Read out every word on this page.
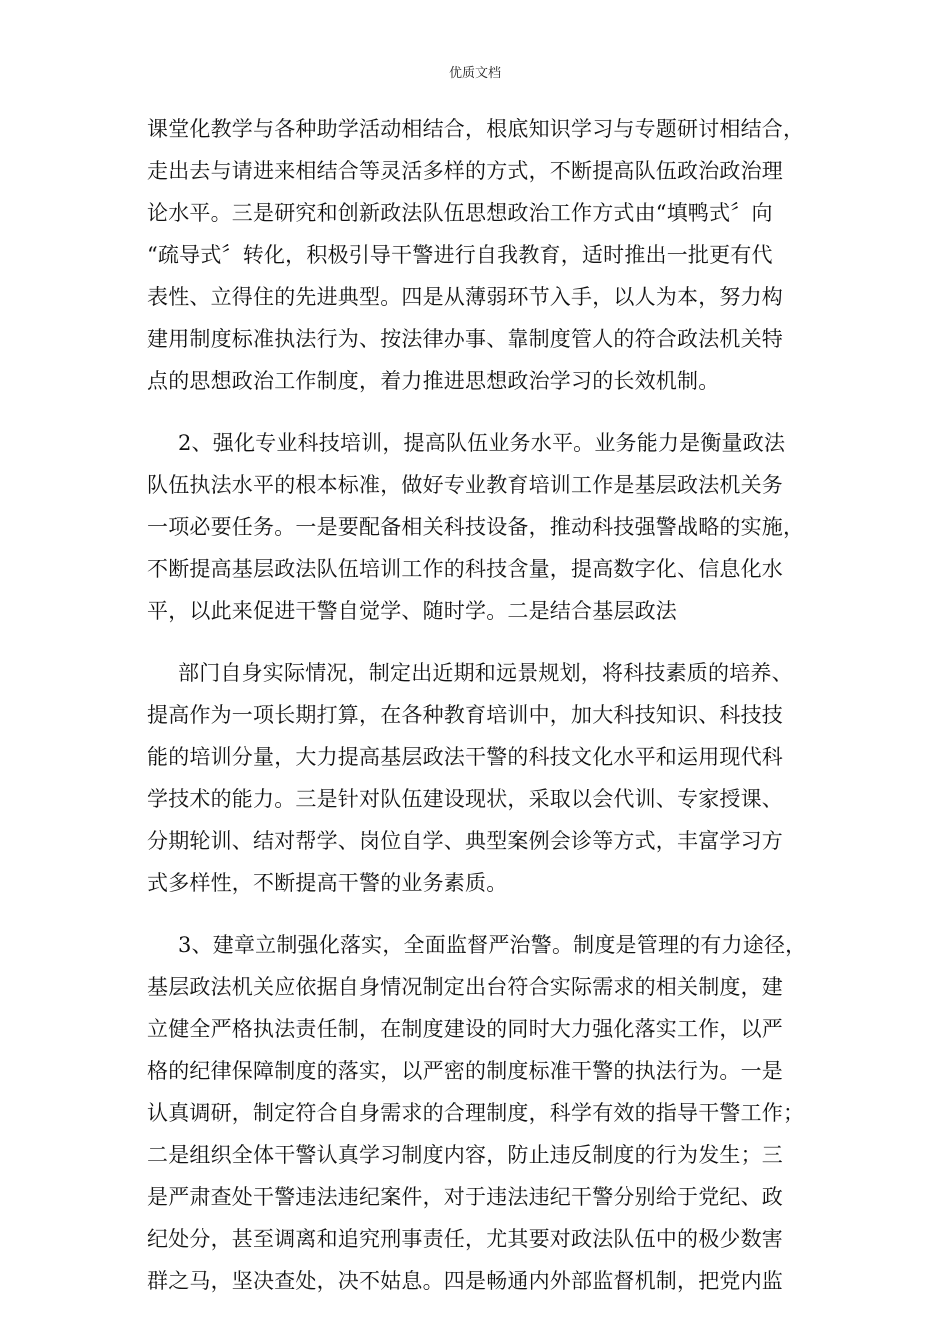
优质文档
课堂化教学与各种助学活动相结合，根底知识学习与专题研讨相结合，
走出去与请进来相结合等灵活多样的方式，不断提高队伍政治政治理
论水平。三是研究和创新政法队伍思想政治工作方式由“填鸭式〞向
“疏导式〞转化，积极引导干警进行自我教育，适时推出一批更有代
表性、立得住的先进典型。四是从薄弱环节入手，以人为本，努力构
建用制度标准执法行为、按法律办事、靠制度管人的符合政法机关特
点的思想政治工作制度，着力推进思想政治学习的长效机制。
2、强化专业科技培训，提高队伍业务水平。业务能力是衡量政法
队伍执法水平的根本标准，做好专业教育培训工作是基层政法机关务
一项必要任务。一是要配备相关科技设备，推动科技强警战略的实施，
不断提高基层政法队伍培训工作的科技含量，提高数字化、信息化水
平，以此来促进干警自觉学、随时学。二是结合基层政法
部门自身实际情况，制定出近期和远景规划，将科技素质的培养、
提高作为一项长期打算，在各种教育培训中，加大科技知识、科技技
能的培训分量，大力提高基层政法干警的科技文化水平和运用现代科
学技术的能力。三是针对队伍建设现状，采取以会代训、专家授课、
分期轮训、结对帮学、岗位自学、典型案例会诊等方式，丰富学习方
式多样性，不断提高干警的业务素质。
3、建章立制强化落实，全面监督严治警。制度是管理的有力途径，
基层政法机关应依据自身情况制定出台符合实际需求的相关制度，建
立健全严格执法责任制，在制度建设的同时大力强化落实工作，以严
格的纪律保障制度的落实，以严密的制度标准干警的执法行为。一是
认真调研，制定符合自身需求的合理制度，科学有效的指导干警工作；
二是组织全体干警认真学习制度内容，防止违反制度的行为发生；三
是严肃查处干警违法违纪案件，对于违法违纪干警分别给于党纪、政
纪处分，甚至调离和追究刑事责任，尤其要对政法队伍中的极少数害
群之马，坚决查处，决不姑息。四是畅通内外部监督机制，把党内监
